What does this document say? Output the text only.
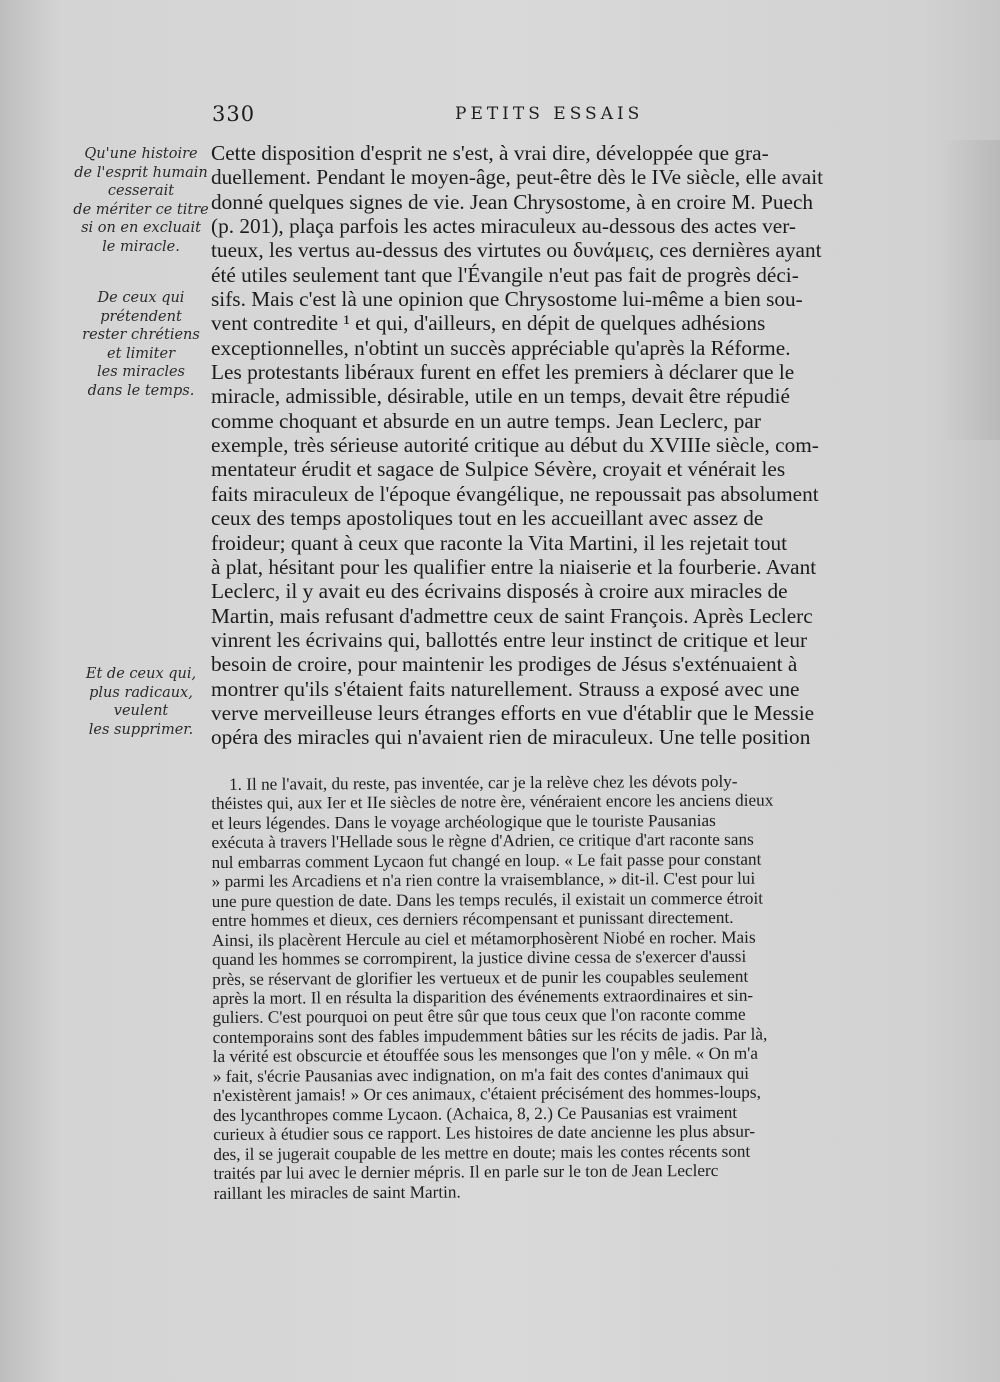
330	PETITS ESSAIS
Qu'une histoire
de l'esprit humain
cesserait
de mériter ce titre
si on en excluait
le miracle.
De ceux qui
prétendent
rester chrétiens
et limiter
les miracles
dans le temps.
Et de ceux qui,
plus radicaux,
veulent
les supprimer.
Cette disposition d'esprit ne s'est, à vrai dire, développée que gra-
duellement. Pendant le moyen-âge, peut-être dès le IVe siècle, elle avait
donné quelques signes de vie. Jean Chrysostome, à en croire M. Puech
(p. 201), plaça parfois les actes miraculeux au-dessous des actes ver-
tueux, les vertus au-dessus des virtutes ou δυνάμεις, ces dernières ayant
été utiles seulement tant que l'Évangile n'eut pas fait de progrès déci-
sifs. Mais c'est là une opinion que Chrysostome lui-même a bien sou-
vent contredite ¹ et qui, d'ailleurs, en dépit de quelques adhésions
exceptionnelles, n'obtint un succès appréciable qu'après la Réforme.
Les protestants libéraux furent en effet les premiers à déclarer que le
miracle, admissible, désirable, utile en un temps, devait être répudié
comme choquant et absurde en un autre temps. Jean Leclerc, par
exemple, très sérieuse autorité critique au début du XVIIIe siècle, com-
mentateur érudit et sagace de Sulpice Sévère, croyait et vénérait les
faits miraculeux de l'époque évangélique, ne repoussait pas absolument
ceux des temps apostoliques tout en les accueillant avec assez de
froideur; quant à ceux que raconte la Vita Martini, il les rejetait tout
à plat, hésitant pour les qualifier entre la niaiserie et la fourberie. Avant
Leclerc, il y avait eu des écrivains disposés à croire aux miracles de
Martin, mais refusant d'admettre ceux de saint François. Après Leclerc
vinrent les écrivains qui, ballottés entre leur instinct de critique et leur
besoin de croire, pour maintenir les prodiges de Jésus s'exténuaient à
montrer qu'ils s'étaient faits naturellement. Strauss a exposé avec une
verve merveilleuse leurs étranges efforts en vue d'établir que le Messie
opéra des miracles qui n'avaient rien de miraculeux. Une telle position
1. Il ne l'avait, du reste, pas inventée, car je la relève chez les dévots poly-
théistes qui, aux Ier et IIe siècles de notre ère, vénéraient encore les anciens dieux
et leurs légendes. Dans le voyage archéologique que le touriste Pausanias
exécuta à travers l'Hellade sous le règne d'Adrien, ce critique d'art raconte sans
nul embarras comment Lycaon fut changé en loup. « Le fait passe pour constant
» parmi les Arcadiens et n'a rien contre la vraisemblance, » dit-il. C'est pour lui
une pure question de date. Dans les temps reculés, il existait un commerce étroit
entre hommes et dieux, ces derniers récompensant et punissant directement.
Ainsi, ils placèrent Hercule au ciel et métamorphosèrent Niobé en rocher. Mais
quand les hommes se corrompirent, la justice divine cessa de s'exercer d'aussi
près, se réservant de glorifier les vertueux et de punir les coupables seulement
après la mort. Il en résulta la disparition des événements extraordinaires et sin-
guliers. C'est pourquoi on peut être sûr que tous ceux que l'on raconte comme
contemporains sont des fables impudemment bâties sur les récits de jadis. Par là,
la vérité est obscurcie et étouffée sous les mensonges que l'on y mêle. « On m'a
» fait, s'écrie Pausanias avec indignation, on m'a fait des contes d'animaux qui
n'existèrent jamais! » Or ces animaux, c'étaient précisément des hommes-loups,
des lycanthropes comme Lycaon. (Achaica, 8, 2.) Ce Pausanias est vraiment
curieux à étudier sous ce rapport. Les histoires de date ancienne les plus absur-
des, il se jugerait coupable de les mettre en doute; mais les contes récents sont
traités par lui avec le dernier mépris. Il en parle sur le ton de Jean Leclerc
raillant les miracles de saint Martin.
